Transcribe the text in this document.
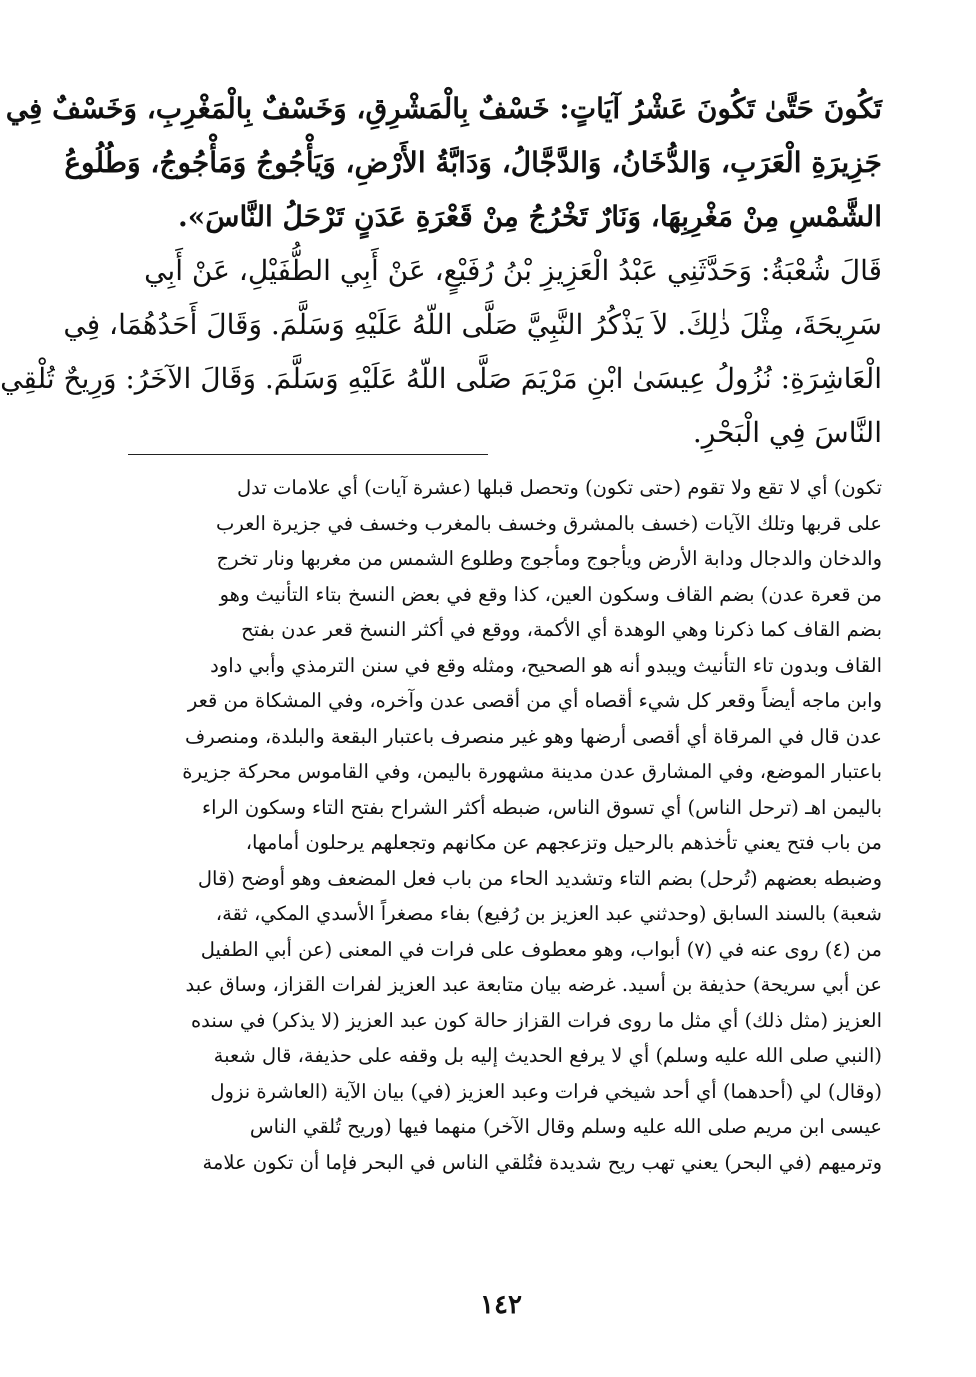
تَكُونَ حَتَّىٰ تَكُونَ عَشْرُ آيَاتٍ: خَسْفٌ بِالْمَشْرِقِ، وَخَسْفٌ بِالْمَغْرِبِ، وَخَسْفٌ فِي
جَزِيرَةِ الْعَرَبِ، وَالدُّخَانُ، وَالدَّجَّالُ، وَدَابَّةُ الأَرْضِ، وَيَأْجُوجُ وَمَأْجُوجُ، وَطُلُوعُ
الشَّمْسِ مِنْ مَغْرِبِهَا، وَنَارٌ تَخْرُجُ مِنْ قَعْرَةِ عَدَنٍ تَرْحَلُ النَّاسَ».
قَالَ شُعْبَةُ: وَحَدَّثَنِي عَبْدُ الْعَزِيزِ بْنُ رُفَيْعٍ، عَنْ أَبِي الطُّفَيْلِ، عَنْ أَبِي
سَرِيحَةَ، مِثْلَ ذٰلِكَ. لاَ يَذْكُرُ النَّبِيَّ صَلَّى اللّهُ عَلَيْهِ وَسَلَّمَ. وَقَالَ أَحَدُهُمَا، فِي
الْعَاشِرَةِ: نُزُولُ عِيسَىٰ ابْنِ مَرْيَمَ صَلَّى اللّهُ عَلَيْهِ وَسَلَّمَ. وَقَالَ الآخَرُ: وَرِيحٌ تُلْقِي
النَّاسَ فِي الْبَحْرِ.
تكون) أي لا تقع ولا تقوم (حتى تكون) وتحصل قبلها (عشرة آيات) أي علامات تدل
على قربها وتلك الآيات (خسف بالمشرق وخسف بالمغرب وخسف في جزيرة العرب
والدخان والدجال ودابة الأرض ويأجوج ومأجوج وطلوع الشمس من مغربها ونار تخرج
من قعرة عدن) بضم القاف وسكون العين، كذا وقع في بعض النسخ بتاء التأنيث وهو
بضم القاف كما ذكرنا وهي الوهدة أي الأكمة، ووقع في أكثر النسخ قعر عدن بفتح
القاف وبدون تاء التأنيث ويبدو أنه هو الصحيح، ومثله وقع في سنن الترمذي وأبي داود
وابن ماجه أيضاً وقعر كل شيء أقصاه أي من أقصى عدن وآخره، وفي المشكاة من قعر
عدن قال في المرقاة أي أقصى أرضها وهو غير منصرف باعتبار البقعة والبلدة، ومنصرف
باعتبار الموضع، وفي المشارق عدن مدينة مشهورة باليمن، وفي القاموس محركة جزيرة
باليمن اهـ (ترحل الناس) أي تسوق الناس، ضبطه أكثر الشراح بفتح التاء وسكون الراء
من باب فتح يعني تأخذهم بالرحيل وتزعجهم عن مكانهم وتجعلهم يرحلون أمامها،
وضبطه بعضهم (تُرحل) بضم التاء وتشديد الحاء من باب فعل المضعف وهو أوضح (قال
شعبة) بالسند السابق (وحدثني عبد العزيز بن رُفيع) بفاء مصغراً الأسدي المكي، ثقة،
من (٤) روى عنه في (٧) أبواب، وهو معطوف على فرات في المعنى (عن أبي الطفيل
عن أبي سريحة) حذيفة بن أسيد. غرضه بيان متابعة عبد العزيز لفرات القزاز، وساق عبد
العزيز (مثل ذلك) أي مثل ما روى فرات القزاز حالة كون عبد العزيز (لا يذكر) في سنده
(النبي صلى الله عليه وسلم) أي لا يرفع الحديث إليه بل وقفه على حذيفة، قال شعبة
(وقال) لي (أحدهما) أي أحد شيخي فرات وعبد العزيز (في) بيان الآية (العاشرة نزول
عيسى ابن مريم صلى الله عليه وسلم وقال الآخر) منهما فيها (وريح تُلقي الناس
وترميهم (في البحر) يعني تهب ريح شديدة فتُلقي الناس في البحر فإما أن تكون علامة
١٤٢
